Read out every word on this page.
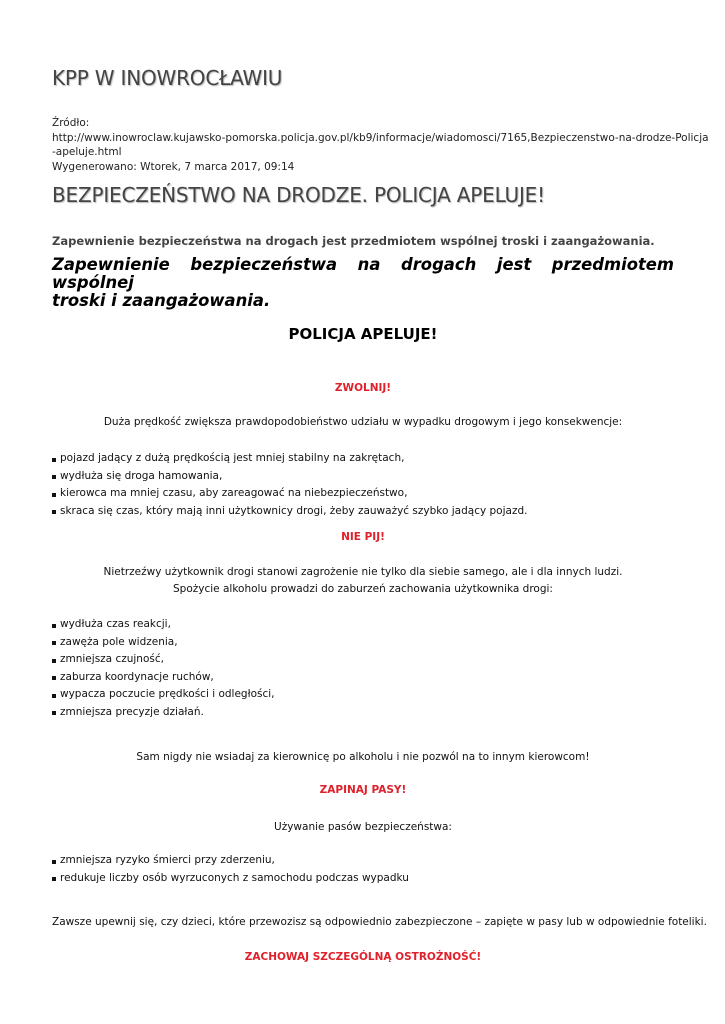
KPP W INOWROCŁAWIU
Źródło:
http://www.inowroclaw.kujawsko-pomorska.policja.gov.pl/kb9/informacje/wiadomosci/7165,Bezpieczenstwo-na-drodze-Policja
-apeluje.html
Wygenerowano: Wtorek, 7 marca 2017, 09:14
BEZPIECZEŃSTWO NA DRODZE. POLICJA APELUJE!
Zapewnienie bezpieczeństwa na drogach jest przedmiotem wspólnej troski i zaangażowania.

Zapewnienie bezpieczeństwa na drogach jest przedmiotem wspólnej
troski i zaangażowania.

POLICJA APELUJE!
ZWOLNIJ!
Duża prędkość zwiększa prawdopodobieństwo udziału w wypadku drogowym i jego konsekwencje:
pojazd jadący z dużą prędkością jest mniej stabilny na zakrętach,
wydłuża się droga hamowania,
kierowca ma mniej czasu, aby zareagować na niebezpieczeństwo,
skraca się czas, który mają inni użytkownicy drogi, żeby zauważyć szybko jadący pojazd.
NIE PIJ!
Nietrzeźwy użytkownik drogi stanowi zagrożenie nie tylko dla siebie samego, ale i dla innych ludzi.
Spożycie alkoholu prowadzi do zaburzeń zachowania użytkownika drogi:
wydłuża czas reakcji,
zawęża pole widzenia,
zmniejsza czujność,
zaburza koordynacje ruchów,
wypacza poczucie prędkości i odległości,
zmniejsza precyzje działań.
Sam nigdy nie wsiadaj za kierownicę po alkoholu i nie pozwól na to innym kierowcom!
ZAPINAJ PASY!
Używanie pasów bezpieczeństwa:
zmniejsza ryzyko śmierci przy zderzeniu,
redukuje liczby osób wyrzuconych z samochodu podczas wypadku
Zawsze upewnij się, czy dzieci, które przewozisz są odpowiednio zabezpieczone – zapięte w pasy lub w odpowiednie foteliki.
ZACHOWAJ SZCZEGÓLNĄ OSTROŻNOŚĆ!
